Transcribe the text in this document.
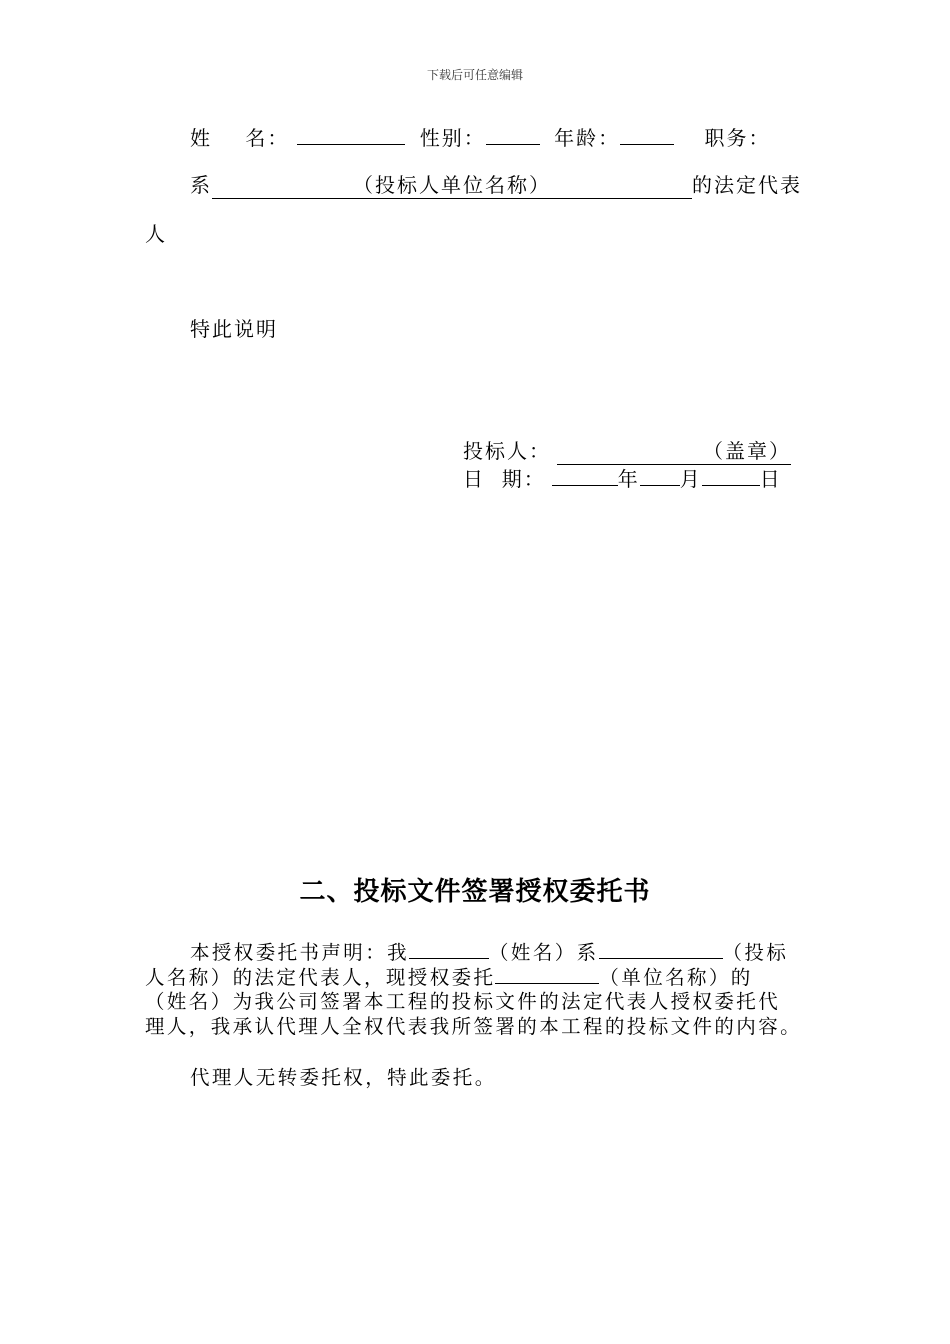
下载后可任意编辑
姓    名：	性别：	年龄：	职务：
系	（投标人单位名称）	的法定代表
人
特此说明
投标人：	（盖章）
日  期：	年 月	日
二、投标文件签署授权委托书
本授权委托书声明：我	（姓名）系	（投标
人名称）的法定代表人，现授权委托	（单位名称）的
（姓名）为我公司签署本工程的投标文件的法定代表人授权委托代
理人，我承认代理人全权代表我所签署的本工程的投标文件的内容。
代理人无转委托权，特此委托。
